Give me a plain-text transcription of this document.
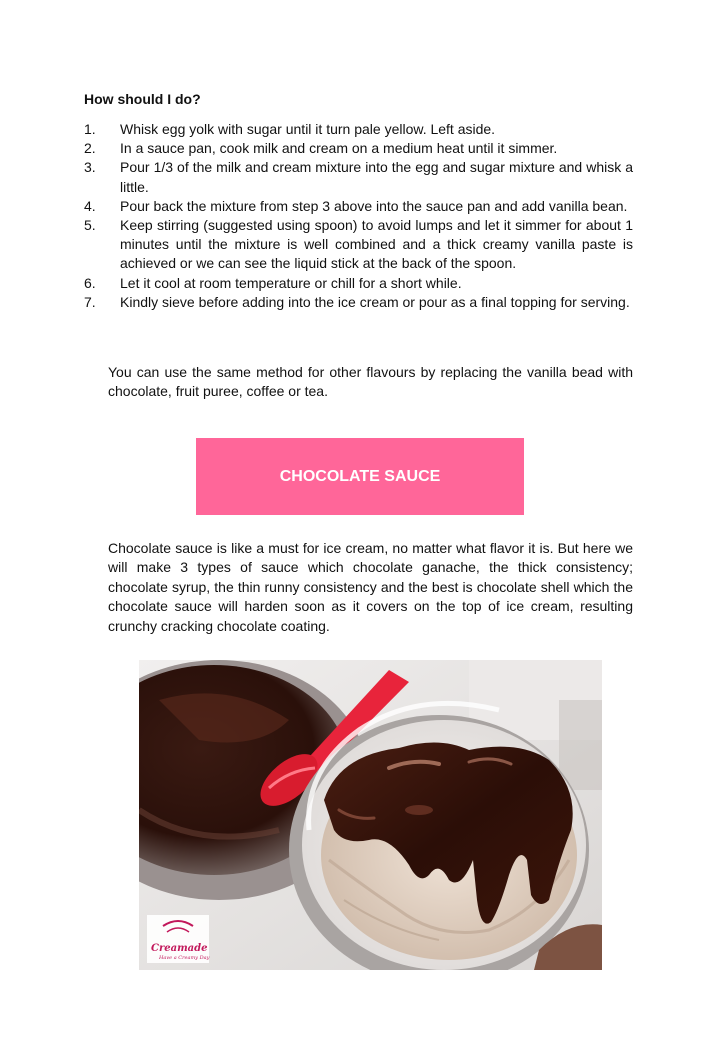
How should I do?
1. Whisk egg yolk with sugar until it turn pale yellow. Left aside.
2. In a sauce pan, cook milk and cream on a medium heat until it simmer.
3. Pour 1/3 of the milk and cream mixture into the egg and sugar mixture and whisk a little.
4. Pour back the mixture from step 3 above into the sauce pan and add vanilla bean.
5. Keep stirring (suggested using spoon) to avoid lumps and let it simmer for about 1 minutes until the mixture is well combined and a thick creamy vanilla paste is achieved or we can see the liquid stick at the back of the spoon.
6. Let it cool at room temperature or chill for a short while.
7. Kindly sieve before adding into the ice cream or pour as a final topping for serving.

You can use the same method for other flavours by replacing the vanilla bead with chocolate, fruit puree, coffee or tea.

CHOCOLATE SAUCE

Chocolate sauce is like a must for ice cream, no matter what flavor it is. But here we will make 3 types of sauce which chocolate ganache, the thick consistency; chocolate syrup, the thin runny consistency and the best is chocolate shell which the chocolate sauce will harden soon as it covers on the top of ice cream, resulting crunchy cracking chocolate coating.

Creamade
Have a Creamy Day
